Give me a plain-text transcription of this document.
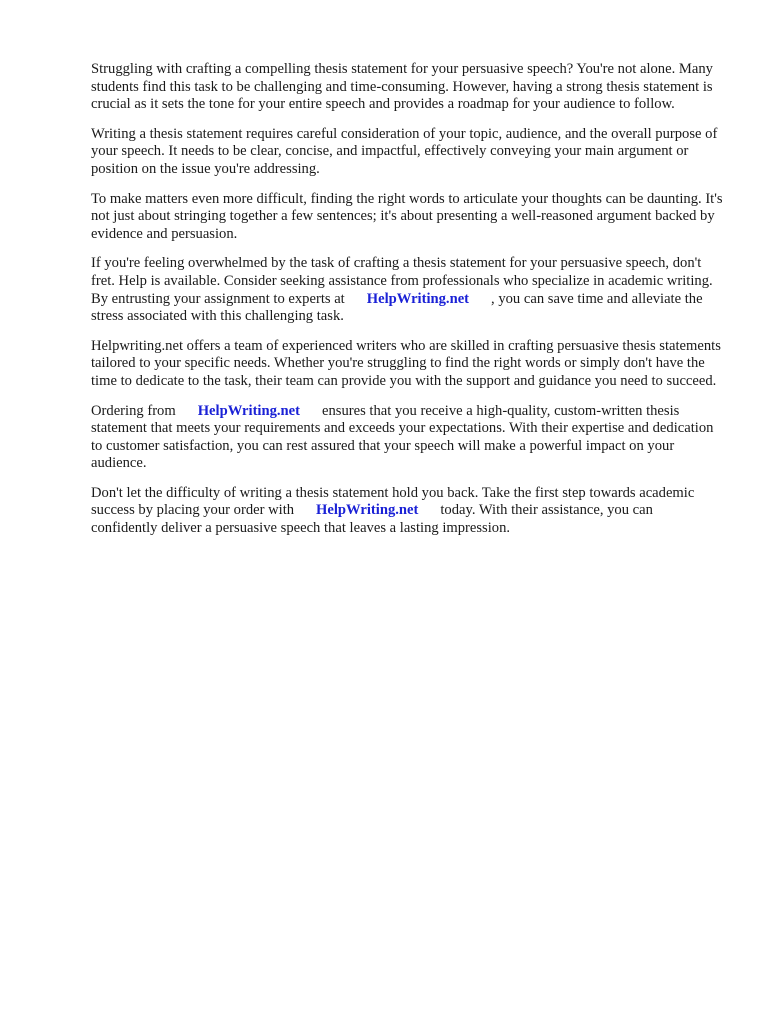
Struggling with crafting a compelling thesis statement for your persuasive speech? You're not alone. Many students find this task to be challenging and time-consuming. However, having a strong thesis statement is crucial as it sets the tone for your entire speech and provides a roadmap for your audience to follow.

Writing a thesis statement requires careful consideration of your topic, audience, and the overall purpose of your speech. It needs to be clear, concise, and impactful, effectively conveying your main argument or position on the issue you're addressing.

To make matters even more difficult, finding the right words to articulate your thoughts can be daunting. It's not just about stringing together a few sentences; it's about presenting a well-reasoned argument backed by evidence and persuasion.

If you're feeling overwhelmed by the task of crafting a thesis statement for your persuasive speech, don't fret. Help is available. Consider seeking assistance from professionals who specialize in academic writing. By entrusting your assignment to experts at HelpWriting.net , you can save time and alleviate the stress associated with this challenging task.

Helpwriting.net offers a team of experienced writers who are skilled in crafting persuasive thesis statements tailored to your specific needs. Whether you're struggling to find the right words or simply don't have the time to dedicate to the task, their team can provide you with the support and guidance you need to succeed.

Ordering from HelpWriting.net ensures that you receive a high-quality, custom-written thesis statement that meets your requirements and exceeds your expectations. With their expertise and dedication to customer satisfaction, you can rest assured that your speech will make a powerful impact on your audience.

Don't let the difficulty of writing a thesis statement hold you back. Take the first step towards academic success by placing your order with HelpWriting.net today. With their assistance, you can confidently deliver a persuasive speech that leaves a lasting impression.
